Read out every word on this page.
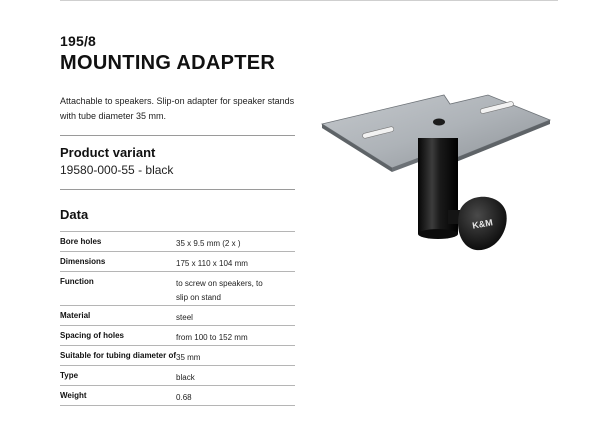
195/8
MOUNTING ADAPTER

Attachable to speakers. Slip-on adapter for speaker stands with tube diameter 35 mm.

Product variant
19580-000-55 - black
Data
Bore holes	35 x 9.5 mm (2 x )
Dimensions	175 x 110 x 104 mm
Function	to screw on speakers, to slip on stand
Material	steel
Spacing of holes	from 100 to 152 mm
Suitable for tubing diameter of	35 mm
Type	black
Weight	0.68
K&M
